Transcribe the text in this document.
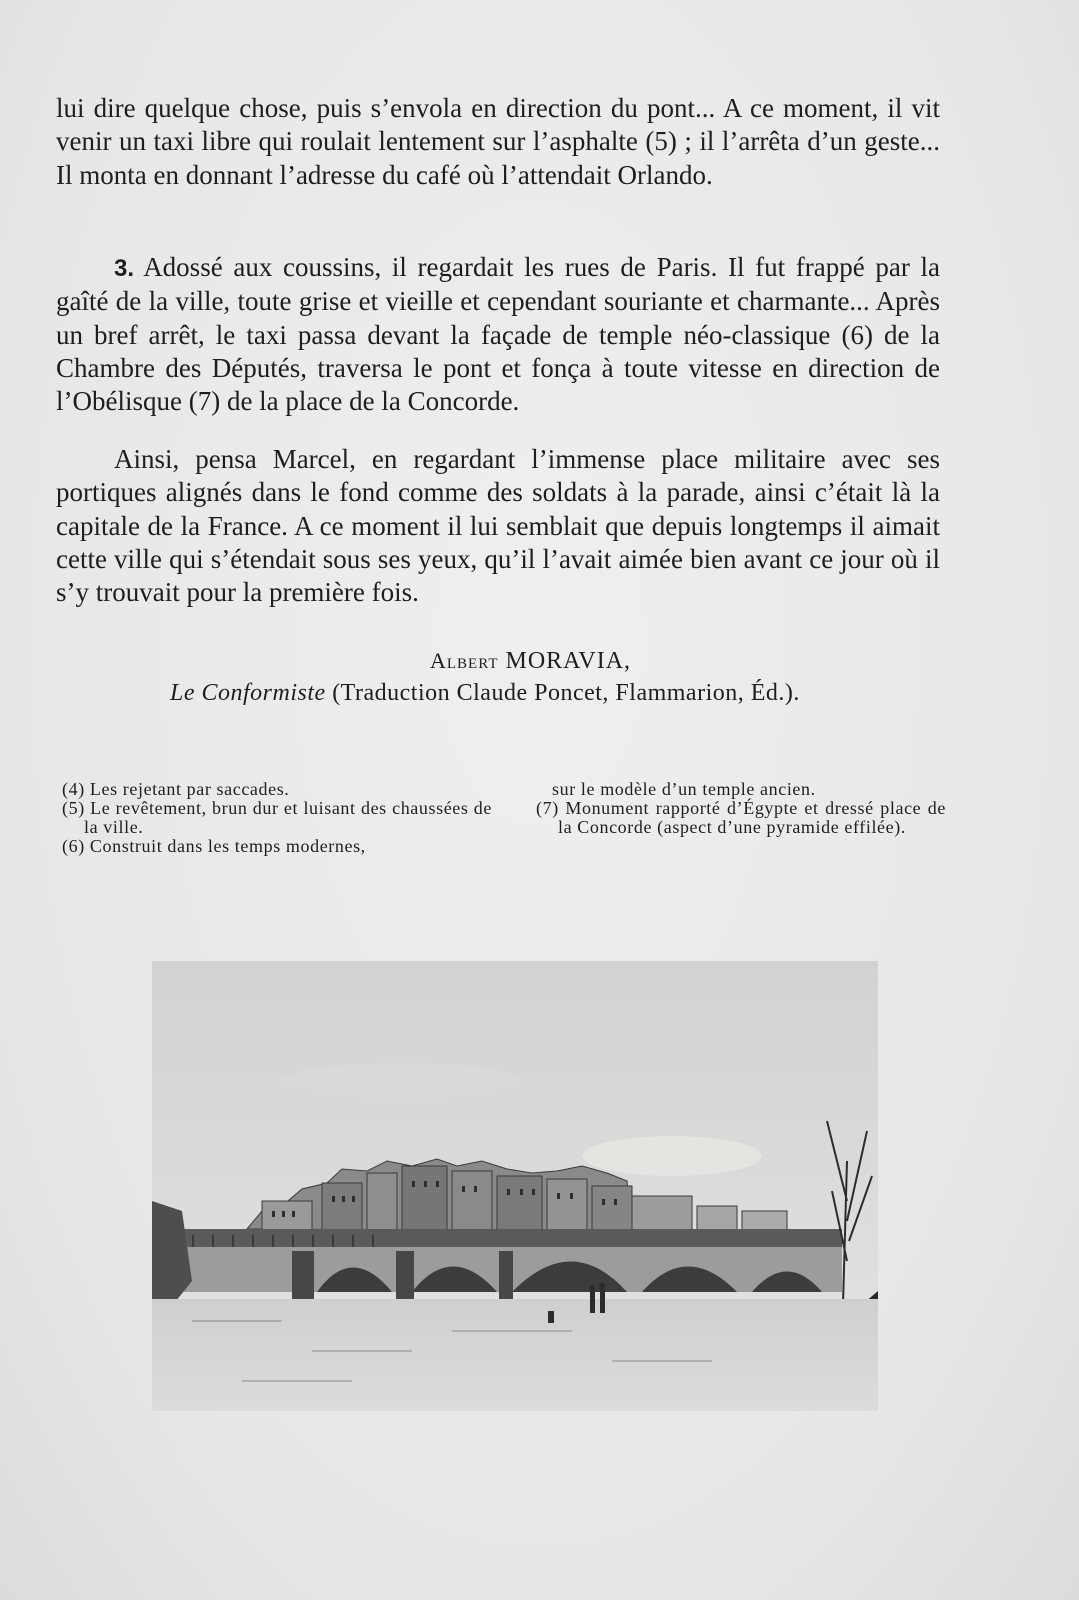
lui dire quelque chose, puis s’envola en direction du pont... A ce moment, il vit venir un taxi libre qui roulait lentement sur l’asphalte (5) ; il l’arrêta d’un geste... Il monta en donnant l’adresse du café où l’attendait Orlando.

3. Adossé aux coussins, il regardait les rues de Paris. Il fut frappé par la gaîté de la ville, toute grise et vieille et cependant souriante et charmante... Après un bref arrêt, le taxi passa devant la façade de temple néo-classique (6) de la Chambre des Députés, traversa le pont et fonça à toute vitesse en direction de l’Obélisque (7) de la place de la Concorde.

Ainsi, pensa Marcel, en regardant l’immense place militaire avec ses portiques alignés dans le fond comme des soldats à la parade, ainsi c’était là la capitale de la France. A ce moment il lui semblait que depuis longtemps il aimait cette ville qui s’étendait sous ses yeux, qu’il l’avait aimée bien avant ce jour où il s’y trouvait pour la première fois.

Albert MORAVIA,
Le Conformiste (Traduction Claude Poncet, Flammarion, Éd.).

(4) Les rejetant par saccades.

(5) Le revêtement, brun dur et luisant des chaussées de la ville.

(6) Construit dans les temps modernes,

sur le modèle d’un temple ancien.

(7) Monument rapporté d’Égypte et dressé place de la Concorde (aspect d’une pyramide effilée).
